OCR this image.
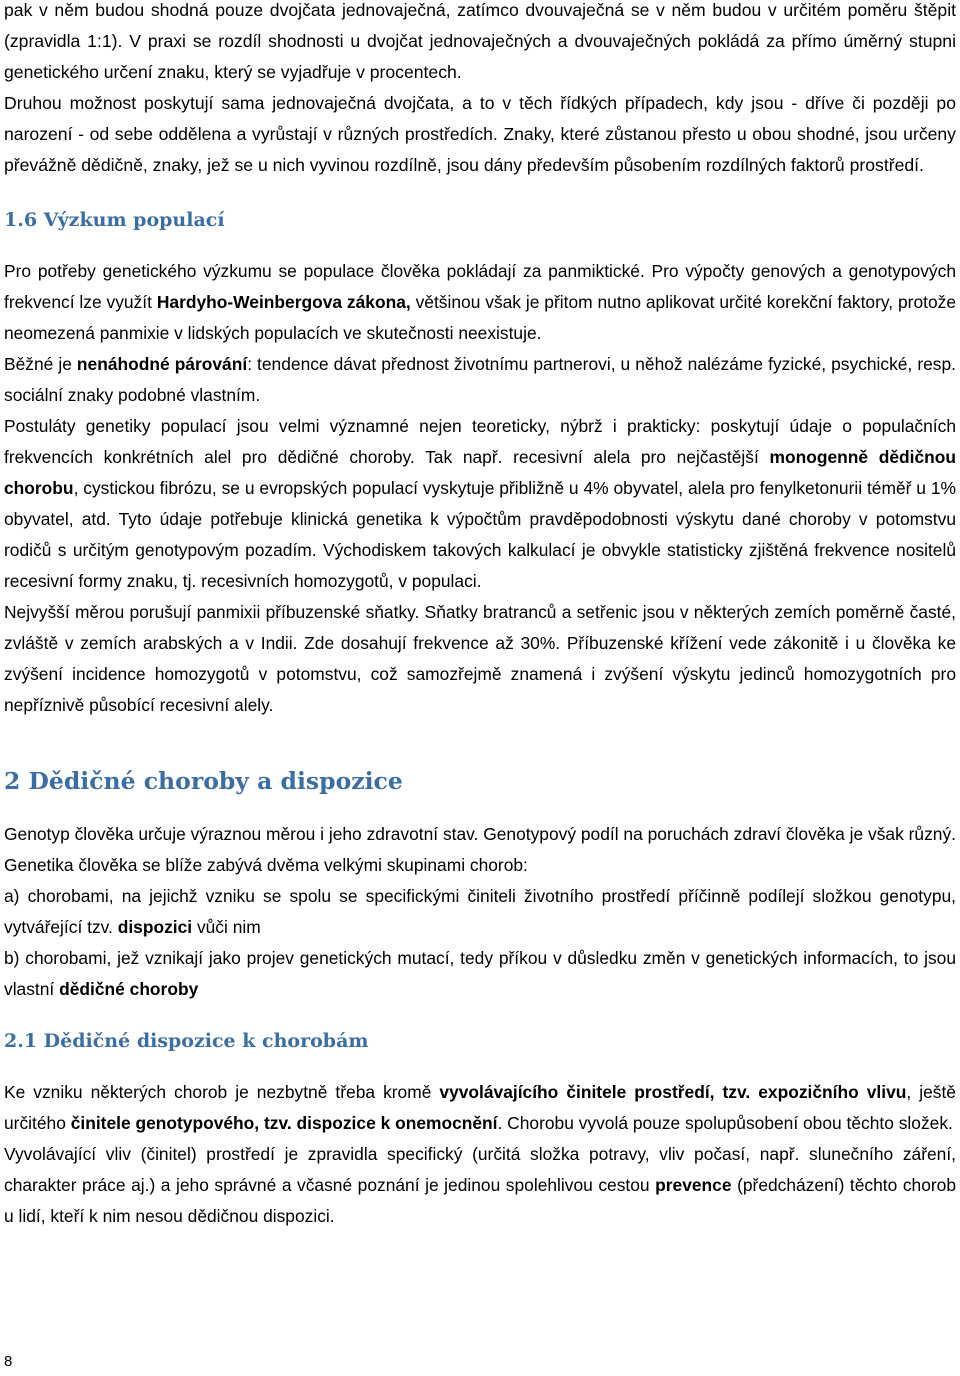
pak v něm budou shodná pouze dvojčata jednovaječná, zatímco dvouvaječná se v něm budou v určitém poměru štěpit (zpravidla 1:1). V praxi se rozdíl shodnosti u dvojčat jednovaječných a dvouvaječných pokládá za přímo úměrný stupni genetického určení znaku, který se vyjadřuje v procentech.

Druhou možnost poskytují sama jednovaječná dvojčata, a to v těch řídkých případech, kdy jsou - dříve či později po narození - od sebe oddělena a vyrůstají v různých prostředích. Znaky, které zůstanou přesto u obou shodné, jsou určeny převážně dědičně, znaky, jež se u nich vyvinou rozdílně, jsou dány především působením rozdílných faktorů prostředí.

1.6 Výzkum populací

Pro potřeby genetického výzkumu se populace člověka pokládají za panmiktické. Pro výpočty genových a genotypových frekvencí lze využít Hardyho-Weinbergova zákona, většinou však je přitom nutno aplikovat určité korekční faktory, protože neomezená panmixie v lidských populacích ve skutečnosti neexistuje.

Běžné je nenáhodné párování: tendence dávat přednost životnímu partnerovi, u něhož nalézáme fyzické, psychické, resp. sociální znaky podobné vlastním.

Postuláty genetiky populací jsou velmi významné nejen teoreticky, nýbrž i prakticky: poskytují údaje o populačních frekvencích konkrétních alel pro dědičné choroby. Tak např. recesivní alela pro nejčastější monogenně dědičnou chorobu, cystickou fibrózu, se u evropských populací vyskytuje přibližně u 4% obyvatel, alela pro fenylketonurii téměř u 1% obyvatel, atd. Tyto údaje potřebuje klinická genetika k výpočtům pravděpodobnosti výskytu dané choroby v potomstvu rodičů s určitým genotypovým pozadím. Východiskem takových kalkulací je obvykle statisticky zjištěná frekvence nositelů recesivní formy znaku, tj. recesivních homozygotů, v populaci.

Nejvyšší měrou porušují panmixii příbuzenské sňatky. Sňatky bratranců a setřenic jsou v některých zemích poměrně časté, zvláště v zemích arabských a v Indii. Zde dosahují frekvence až 30%. Příbuzenské křížení vede zákonitě i u člověka ke zvýšení incidence homozygotů v potomstvu, což samozřejmě znamená i zvýšení výskytu jedinců homozygotních pro nepříznivě působící recesivní alely.

2 Dědičné choroby a dispozice

Genotyp člověka určuje výraznou měrou i jeho zdravotní stav. Genotypový podíl na poruchách zdraví člověka je však různý. Genetika člověka se blíže zabývá dvěma velkými skupinami chorob:

a) chorobami, na jejichž vzniku se spolu se specifickými činiteli životního prostředí příčinně podílejí složkou genotypu, vytvářející tzv. dispozici vůči nim

b) chorobami, jež vznikají jako projev genetických mutací, tedy příkou v důsledku změn v genetických informacích, to jsou vlastní dědičné choroby

2.1 Dědičné dispozice k chorobám

Ke vzniku některých chorob je nezbytně třeba kromě vyvolávajícího činitele prostředí, tzv. expozičního vlivu, ještě určitého činitele genotypového, tzv. dispozice k onemocnění. Chorobu vyvolá pouze spolupůsobení obou těchto složek.

Vyvolávající vliv (činitel) prostředí je zpravidla specifický (určitá složka potravy, vliv počasí, např. slunečního záření, charakter práce aj.) a jeho správné a včasné poznání je jedinou spolehlivou cestou prevence (předcházení) těchto chorob u lidí, kteří k nim nesou dědičnou dispozici.

8
